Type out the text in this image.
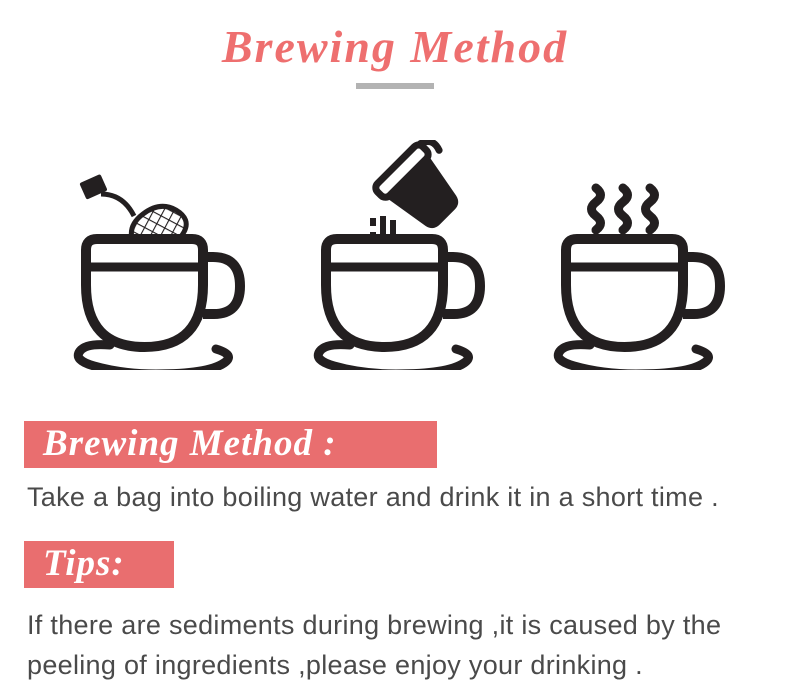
Brewing Method
Brewing Method :
Take a bag into boiling water and drink it in a short time .
Tips:
If there are sediments during brewing ,it is caused by the peeling of ingredients ,please enjoy your drinking .
